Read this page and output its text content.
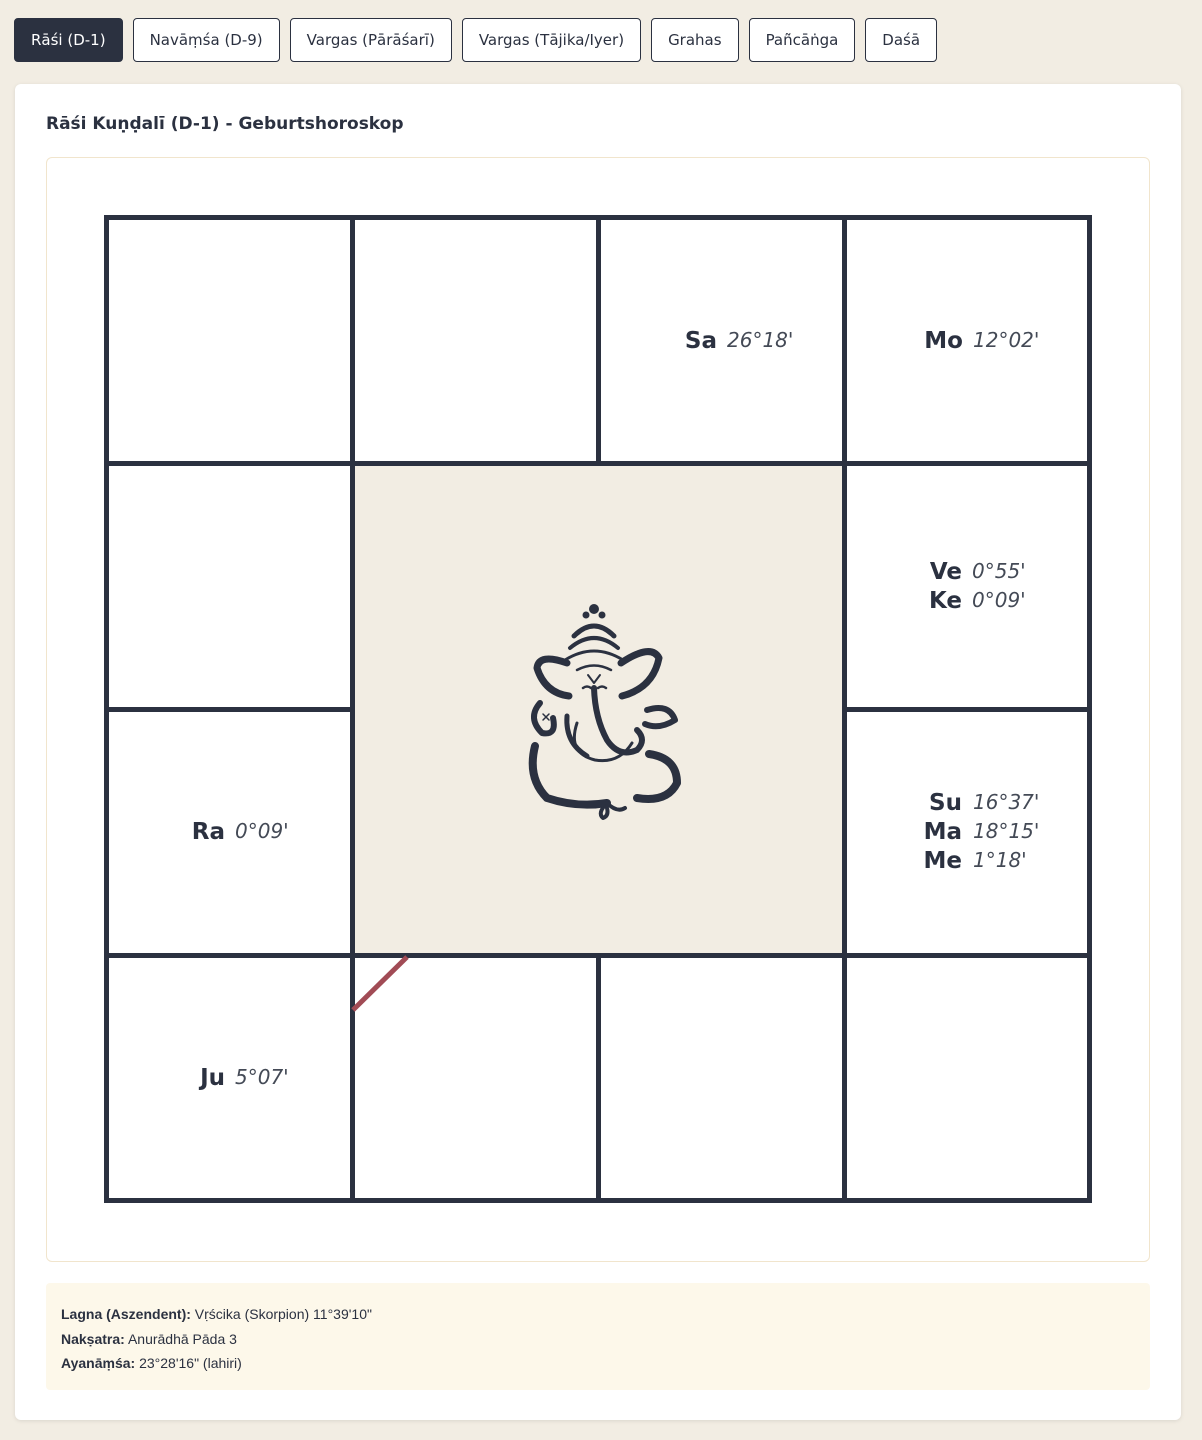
Rāśi (D-1)	Navāṃśa (D-9)	Vargas (Pārāśarī)	Vargas (Tājika/Iyer)	Grahas	Pañcāṅga	Daśā
Rāśi Kuṇḍalī (D-1) - Geburtshoroskop
Sa 26°18'	Mo 12°02'
Ve 0°55'
Ke 0°09'
Su 16°37'
Ma 18°15'
Me 1°18'
Ra 0°09'
Ju 5°07'
Lagna (Aszendent): Vṛścika (Skorpion) 11°39'10"
Nakṣatra: Anurādhā Pāda 3
Ayanāṃśa: 23°28'16" (lahiri)
